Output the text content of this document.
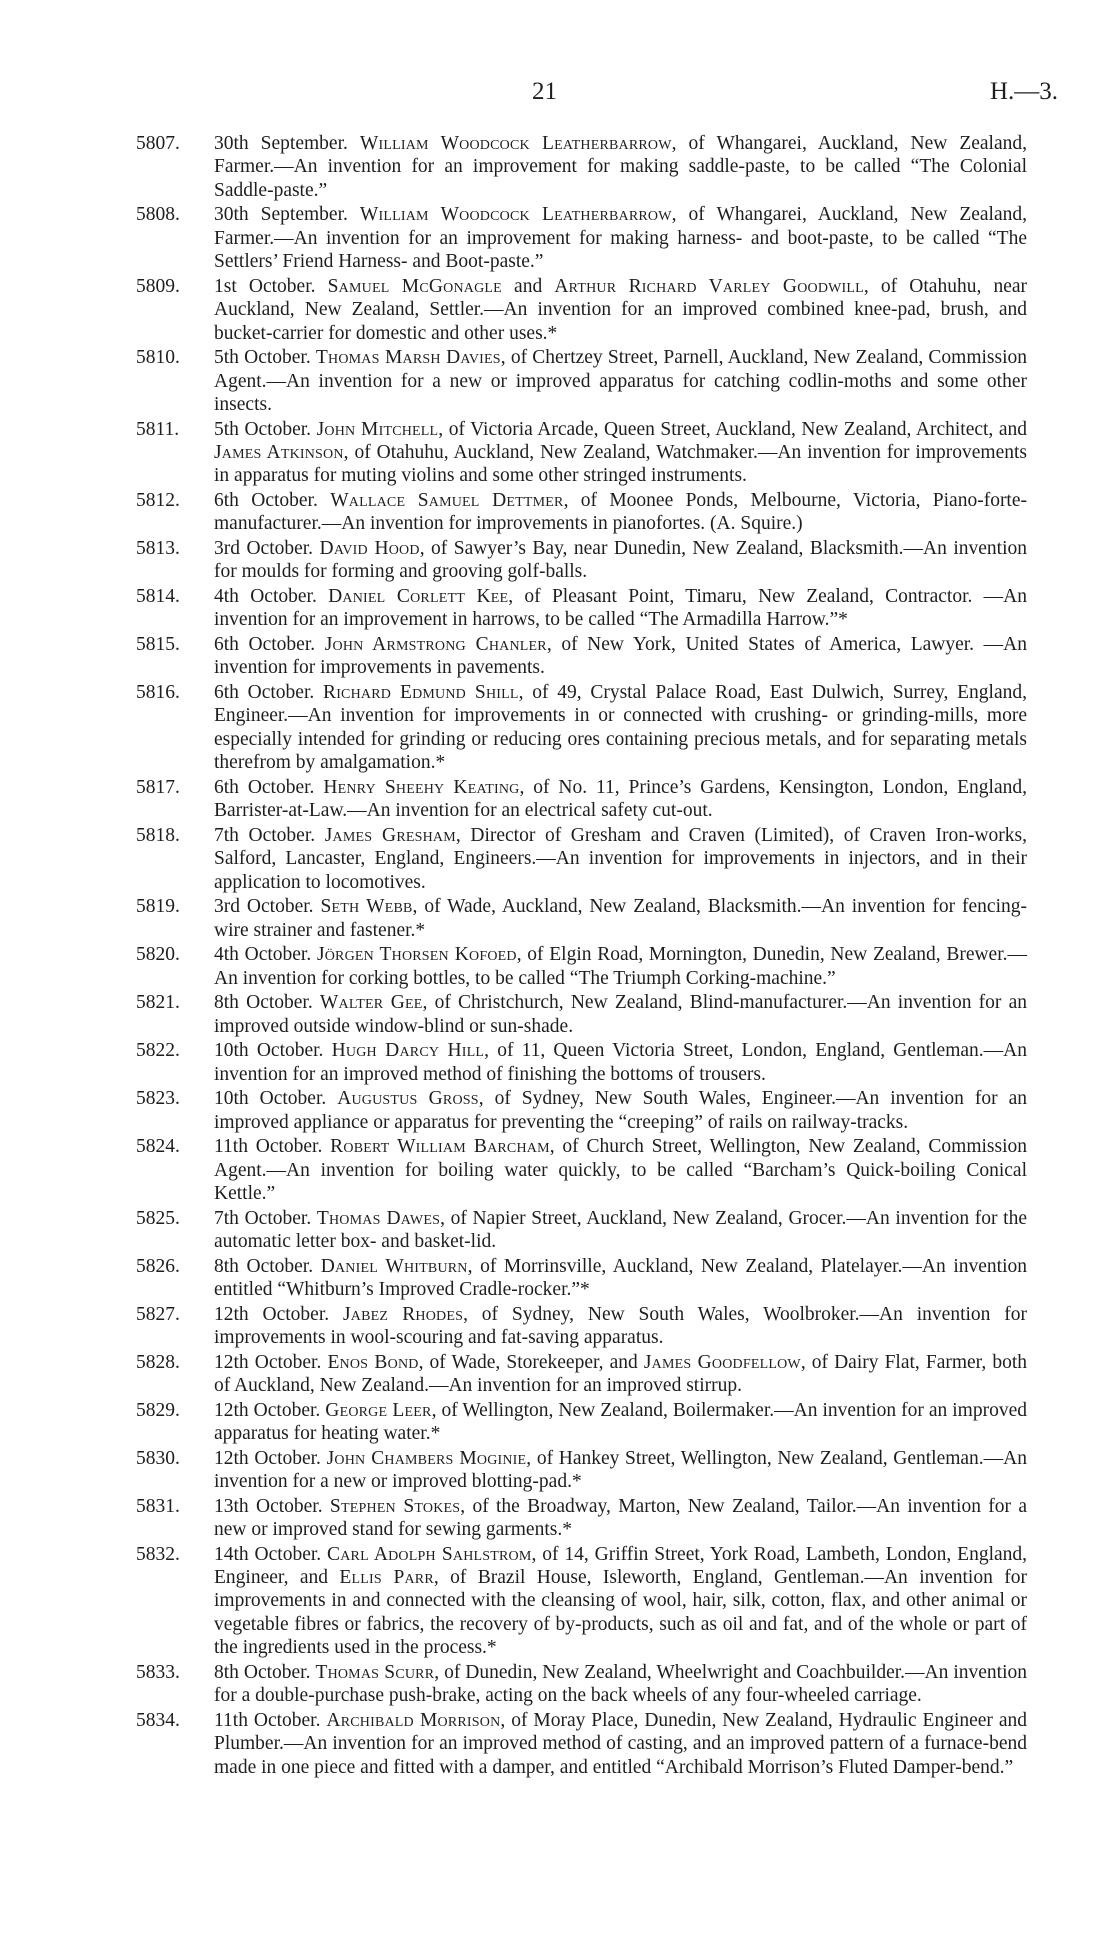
21	H.—3.
5807.	30th September. William Woodcock Leatherbarrow, of Whangarei, Auckland, New Zealand, Farmer.—An invention for an improvement for making saddle-paste, to be called “The Colonial Saddle-paste.”
5808.	30th September. William Woodcock Leatherbarrow, of Whangarei, Auckland, New Zealand, Farmer.—An invention for an improvement for making harness- and boot-paste, to be called “The Settlers’ Friend Harness- and Boot-paste.”
5809.	1st October. Samuel McGonagle and Arthur Richard Varley Goodwill, of Otahuhu, near Auckland, New Zealand, Settler.—An invention for an improved combined knee-pad, brush, and bucket-carrier for domestic and other uses.*
5810.	5th October. Thomas Marsh Davies, of Chertzey Street, Parnell, Auckland, New Zealand, Commission Agent.—An invention for a new or improved apparatus for catching codlin-moths and some other insects.
5811.	5th October. John Mitchell, of Victoria Arcade, Queen Street, Auckland, New Zealand, Architect, and James Atkinson, of Otahuhu, Auckland, New Zealand, Watchmaker.—An invention for improvements in apparatus for muting violins and some other stringed instruments.
5812.	6th October. Wallace Samuel Dettmer, of Moonee Ponds, Melbourne, Victoria, Piano-forte-manufacturer.—An invention for improvements in pianofortes. (A. Squire.)
5813.	3rd October. David Hood, of Sawyer’s Bay, near Dunedin, New Zealand, Blacksmith.—An invention for moulds for forming and grooving golf-balls.
5814.	4th October. Daniel Corlett Kee, of Pleasant Point, Timaru, New Zealand, Contractor. —An invention for an improvement in harrows, to be called “The Armadilla Harrow.”*
5815.	6th October. John Armstrong Chanler, of New York, United States of America, Lawyer. —An invention for improvements in pavements.
5816.	6th October. Richard Edmund Shill, of 49, Crystal Palace Road, East Dulwich, Surrey, England, Engineer.—An invention for improvements in or connected with crushing- or grinding-mills, more especially intended for grinding or reducing ores containing precious metals, and for separating metals therefrom by amalgamation.*
5817.	6th October. Henry Sheehy Keating, of No. 11, Prince’s Gardens, Kensington, London, England, Barrister-at-Law.—An invention for an electrical safety cut-out.
5818.	7th October. James Gresham, Director of Gresham and Craven (Limited), of Craven Iron-works, Salford, Lancaster, England, Engineers.—An invention for improvements in injectors, and in their application to locomotives.
5819.	3rd October. Seth Webb, of Wade, Auckland, New Zealand, Blacksmith.—An invention for fencing-wire strainer and fastener.*
5820.	4th October. Jörgen Thorsen Kofoed, of Elgin Road, Mornington, Dunedin, New Zealand, Brewer.—An invention for corking bottles, to be called “The Triumph Corking-machine.”
5821.	8th October. Walter Gee, of Christchurch, New Zealand, Blind-manufacturer.—An invention for an improved outside window-blind or sun-shade.
5822.	10th October. Hugh Darcy Hill, of 11, Queen Victoria Street, London, England, Gentleman.—An invention for an improved method of finishing the bottoms of trousers.
5823.	10th October. Augustus Gross, of Sydney, New South Wales, Engineer.—An invention for an improved appliance or apparatus for preventing the “creeping” of rails on railway-tracks.
5824.	11th October. Robert William Barcham, of Church Street, Wellington, New Zealand, Commission Agent.—An invention for boiling water quickly, to be called “Barcham’s Quick-boiling Conical Kettle.”
5825.	7th October. Thomas Dawes, of Napier Street, Auckland, New Zealand, Grocer.—An invention for the automatic letter box- and basket-lid.
5826.	8th October. Daniel Whitburn, of Morrinsville, Auckland, New Zealand, Platelayer.—An invention entitled “Whitburn’s Improved Cradle-rocker.”*
5827.	12th October. Jabez Rhodes, of Sydney, New South Wales, Woolbroker.—An invention for improvements in wool-scouring and fat-saving apparatus.
5828.	12th October. Enos Bond, of Wade, Storekeeper, and James Goodfellow, of Dairy Flat, Farmer, both of Auckland, New Zealand.—An invention for an improved stirrup.
5829.	12th October. George Leer, of Wellington, New Zealand, Boilermaker.—An invention for an improved apparatus for heating water.*
5830.	12th October. John Chambers Moginie, of Hankey Street, Wellington, New Zealand, Gentleman.—An invention for a new or improved blotting-pad.*
5831.	13th October. Stephen Stokes, of the Broadway, Marton, New Zealand, Tailor.—An invention for a new or improved stand for sewing garments.*
5832.	14th October. Carl Adolph Sahlstrom, of 14, Griffin Street, York Road, Lambeth, London, England, Engineer, and Ellis Parr, of Brazil House, Isleworth, England, Gentleman.—An invention for improvements in and connected with the cleansing of wool, hair, silk, cotton, flax, and other animal or vegetable fibres or fabrics, the recovery of by-products, such as oil and fat, and of the whole or part of the ingredients used in the process.*
5833.	8th October. Thomas Scurr, of Dunedin, New Zealand, Wheelwright and Coachbuilder.—An invention for a double-purchase push-brake, acting on the back wheels of any four-wheeled carriage.
5834.	11th October. Archibald Morrison, of Moray Place, Dunedin, New Zealand, Hydraulic Engineer and Plumber.—An invention for an improved method of casting, and an improved pattern of a furnace-bend made in one piece and fitted with a damper, and entitled “Archibald Morrison’s Fluted Damper-bend.”
